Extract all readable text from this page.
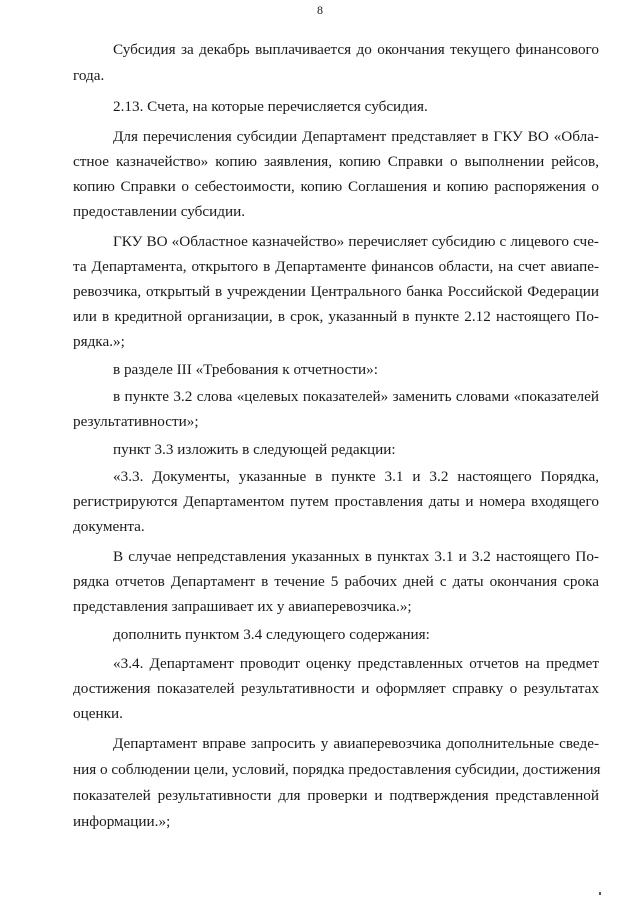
8
Субсидия за декабрь выплачивается до окончания текущего финансового
года.
2.13. Счета, на которые перечисляется субсидия.
Для перечисления субсидии Департамент представляет в ГКУ ВО «Обла-
стное казначейство» копию заявления, копию Справки о выполнении рейсов,
копию Справки о себестоимости, копию Соглашения и копию распоряжения о
предоставлении субсидии.
ГКУ ВО «Областное казначейство» перечисляет субсидию с лицевого сче-
та Департамента, открытого в Департаменте финансов области, на счет авиапе-
ревозчика, открытый в учреждении Центрального банка Российской Федерации
или в кредитной организации, в срок, указанный в пункте 2.12 настоящего По-
рядка.»;
в разделе III «Требования к отчетности»:
в пункте 3.2 слова «целевых показателей» заменить словами «показателей
результативности»;
пункт 3.3 изложить в следующей редакции:
«3.3. Документы, указанные в пункте 3.1 и 3.2 настоящего Порядка,
регистрируются Департаментом путем проставления даты и номера входящего
документа.
В случае непредставления указанных в пунктах 3.1 и 3.2 настоящего По-
рядка отчетов Департамент в течение 5 рабочих дней с даты окончания срока
представления запрашивает их у авиаперевозчика.»;
дополнить пунктом 3.4 следующего содержания:
«3.4. Департамент проводит оценку представленных отчетов на предмет
достижения показателей результативности и оформляет справку о результатах
оценки.
Департамент вправе запросить у авиаперевозчика дополнительные сведе-
ния о соблюдении цели, условий, порядка предоставления субсидии, достижения
показателей результативности для проверки и подтверждения представленной
информации.»;
